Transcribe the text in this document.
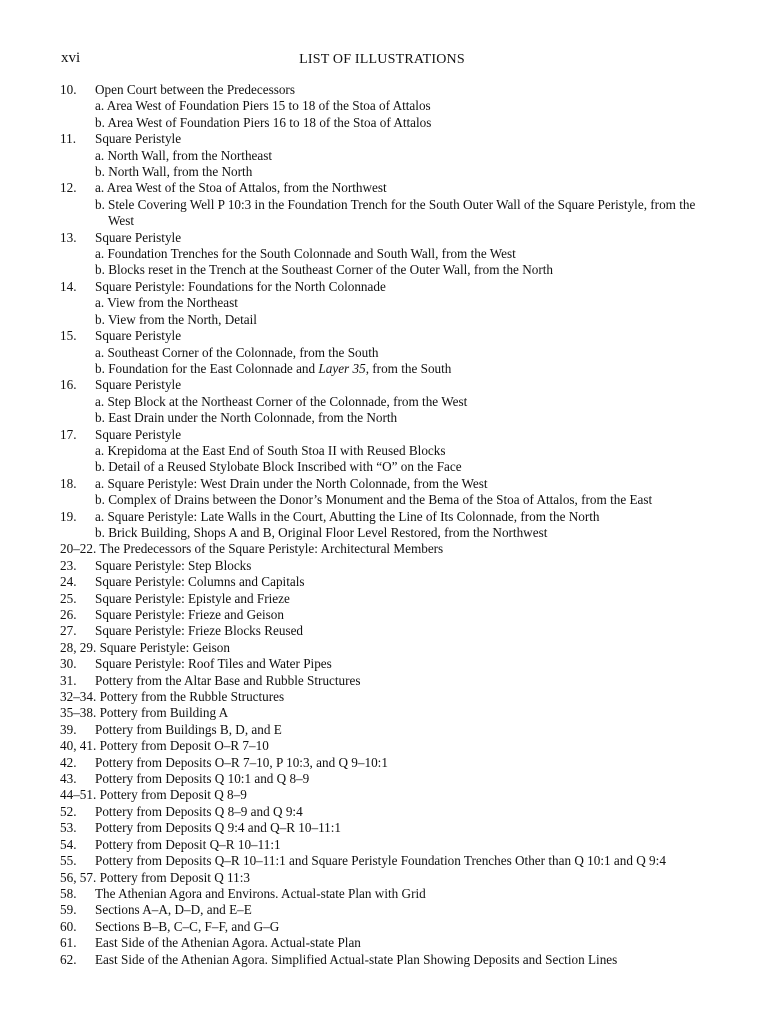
xvi	LIST OF ILLUSTRATIONS
10.	Open Court between the Predecessors
a. Area West of Foundation Piers 15 to 18 of the Stoa of Attalos
b. Area West of Foundation Piers 16 to 18 of the Stoa of Attalos
11.	Square Peristyle
a. North Wall, from the Northeast
b. North Wall, from the North
12.	a. Area West of the Stoa of Attalos, from the Northwest
b. Stele Covering Well P 10:3 in the Foundation Trench for the South Outer Wall of the Square Peristyle, from the West
13.	Square Peristyle
a. Foundation Trenches for the South Colonnade and South Wall, from the West
b. Blocks reset in the Trench at the Southeast Corner of the Outer Wall, from the North
14.	Square Peristyle: Foundations for the North Colonnade
a. View from the Northeast
b. View from the North, Detail
15.	Square Peristyle
a. Southeast Corner of the Colonnade, from the South
b. Foundation for the East Colonnade and Layer 35, from the South
16.	Square Peristyle
a. Step Block at the Northeast Corner of the Colonnade, from the West
b. East Drain under the North Colonnade, from the North
17.	Square Peristyle
a. Krepidoma at the East End of South Stoa II with Reused Blocks
b. Detail of a Reused Stylobate Block Inscribed with “O” on the Face
18.	a. Square Peristyle: West Drain under the North Colonnade, from the West
b. Complex of Drains between the Donor’s Monument and the Bema of the Stoa of Attalos, from the East
19.	a. Square Peristyle: Late Walls in the Court, Abutting the Line of Its Colonnade, from the North
b. Brick Building, Shops A and B, Original Floor Level Restored, from the Northwest
20–22. The Predecessors of the Square Peristyle: Architectural Members
23.	Square Peristyle: Step Blocks
24.	Square Peristyle: Columns and Capitals
25.	Square Peristyle: Epistyle and Frieze
26.	Square Peristyle: Frieze and Geison
27.	Square Peristyle: Frieze Blocks Reused
28, 29. Square Peristyle: Geison
30.	Square Peristyle: Roof Tiles and Water Pipes
31.	Pottery from the Altar Base and Rubble Structures
32–34. Pottery from the Rubble Structures
35–38. Pottery from Building A
39.	Pottery from Buildings B, D, and E
40, 41. Pottery from Deposit O–R 7–10
42.	Pottery from Deposits O–R 7–10, P 10:3, and Q 9–10:1
43.	Pottery from Deposits Q 10:1 and Q 8–9
44–51. Pottery from Deposit Q 8–9
52.	Pottery from Deposits Q 8–9 and Q 9:4
53.	Pottery from Deposits Q 9:4 and Q–R 10–11:1
54.	Pottery from Deposit Q–R 10–11:1
55.	Pottery from Deposits Q–R 10–11:1 and Square Peristyle Foundation Trenches Other than Q 10:1 and Q 9:4
56, 57. Pottery from Deposit Q 11:3
58.	The Athenian Agora and Environs. Actual-state Plan with Grid
59.	Sections A–A, D–D, and E–E
60.	Sections B–B, C–C, F–F, and G–G
61.	East Side of the Athenian Agora. Actual-state Plan
62.	East Side of the Athenian Agora. Simplified Actual-state Plan Showing Deposits and Section Lines
